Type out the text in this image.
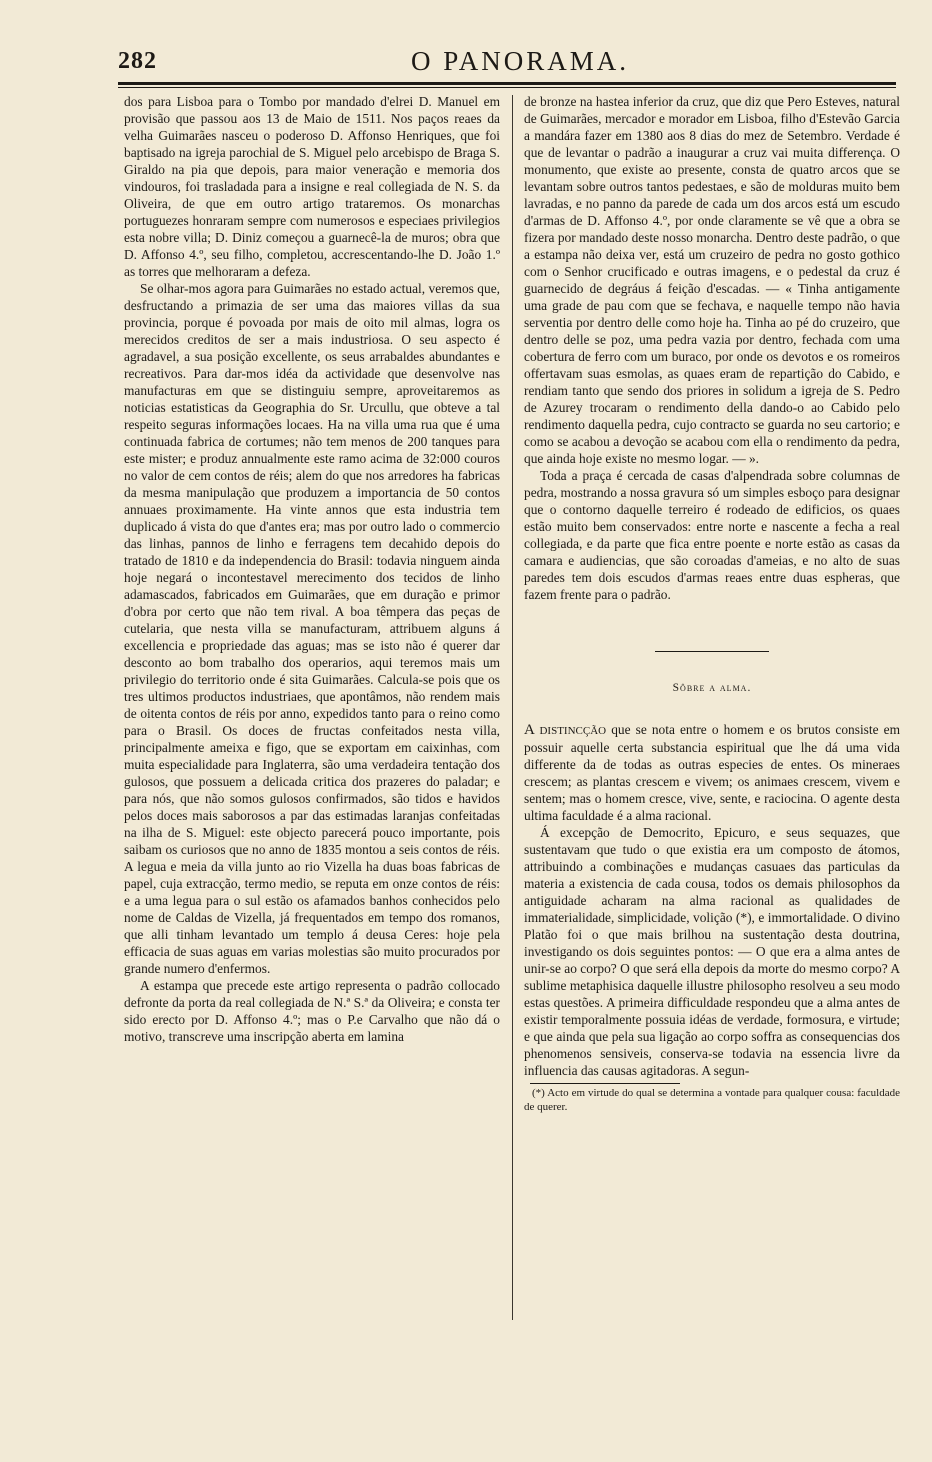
282	O PANORAMA.

dos para Lisboa para o Tombo por mandado d'elrei D. Manuel em provisão que passou aos 13 de Maio de 1511. Nos paços reaes da velha Guimarães nasceu o poderoso D. Affonso Henriques, que foi baptisado na igreja parochial de S. Miguel pelo arcebispo de Braga S. Giraldo na pia que depois, para maior veneração e memoria dos vindouros, foi trasladada para a insigne e real collegiada de N. S. da Oliveira, de que em outro artigo trataremos. Os monarchas portuguezes honraram sempre com numerosos e especiaes privilegios esta nobre villa; D. Diniz começou a guarnecê-la de muros; obra que D. Affonso 4.º, seu filho, completou, accrescentando-lhe D. João 1.º as torres que melhoraram a defeza.

Se olhar-mos agora para Guimarães no estado actual, veremos que, desfructando a primazia de ser uma das maiores villas da sua provincia, porque é povoada por mais de oito mil almas, logra os merecidos creditos de ser a mais industriosa. O seu aspecto é agradavel, a sua posição excellente, os seus arrabaldes abundantes e recreativos. Para dar-mos idéa da actividade que desenvolve nas manufacturas em que se distinguiu sempre, aproveitaremos as noticias estatisticas da Geographia do Sr. Urcullu, que obteve a tal respeito seguras informações locaes. Ha na villa uma rua que é uma continuada fabrica de cortumes; não tem menos de 200 tanques para este mister; e produz annualmente este ramo acima de 32:000 couros no valor de cem contos de réis; alem do que nos arredores ha fabricas da mesma manipulação que produzem a importancia de 50 contos annuaes proximamente. Ha vinte annos que esta industria tem duplicado á vista do que d'antes era; mas por outro lado o commercio das linhas, pannos de linho e ferragens tem decahido depois do tratado de 1810 e da independencia do Brasil: todavia ninguem ainda hoje negará o incontestavel merecimento dos tecidos de linho adamascados, fabricados em Guimarães, que em duração e primor d'obra por certo que não tem rival. A boa têmpera das peças de cutelaria, que nesta villa se manufacturam, attribuem alguns á excellencia e propriedade das aguas; mas se isto não é querer dar desconto ao bom trabalho dos operarios, aqui teremos mais um privilegio do territorio onde é sita Guimarães. Calcula-se pois que os tres ultimos productos industriaes, que apontâmos, não rendem mais de oitenta contos de réis por anno, expedidos tanto para o reino como para o Brasil. Os doces de fructas confeitados nesta villa, principalmente ameixa e figo, que se exportam em caixinhas, com muita especialidade para Inglaterra, são uma verdadeira tentação dos gulosos, que possuem a delicada critica dos prazeres do paladar; e para nós, que não somos gulosos confirmados, são tidos e havidos pelos doces mais saborosos a par das estimadas laranjas confeitadas na ilha de S. Miguel: este objecto parecerá pouco importante, pois saibam os curiosos que no anno de 1835 montou a seis contos de réis. A legua e meia da villa junto ao rio Vizella ha duas boas fabricas de papel, cuja extracção, termo medio, se reputa em onze contos de réis: e a uma legua para o sul estão os afamados banhos conhecidos pelo nome de Caldas de Vizella, já frequentados em tempo dos romanos, que alli tinham levantado um templo á deusa Ceres: hoje pela efficacia de suas aguas em varias molestias são muito procurados por grande numero d'enfermos.

A estampa que precede este artigo representa o padrão collocado defronte da porta da real collegiada de N.ª S.ª da Oliveira; e consta ter sido erecto por D. Affonso 4.º; mas o P.e Carvalho que não dá o motivo, transcreve uma inscripção aberta em lamina

de bronze na hastea inferior da cruz, que diz que Pero Esteves, natural de Guimarães, mercador e morador em Lisboa, filho d'Estevão Garcia a mandára fazer em 1380 aos 8 dias do mez de Setembro. Verdade é que de levantar o padrão a inaugurar a cruz vai muita differença. O monumento, que existe ao presente, consta de quatro arcos que se levantam sobre outros tantos pedestaes, e são de molduras muito bem lavradas, e no panno da parede de cada um dos arcos está um escudo d'armas de D. Affonso 4.º, por onde claramente se vê que a obra se fizera por mandado deste nosso monarcha. Dentro deste padrão, o que a estampa não deixa ver, está um cruzeiro de pedra no gosto gothico com o Senhor crucificado e outras imagens, e o pedestal da cruz é guarnecido de degráus á feição d'escadas. — « Tinha antigamente uma grade de pau com que se fechava, e naquelle tempo não havia serventia por dentro delle como hoje ha. Tinha ao pé do cruzeiro, que dentro delle se poz, uma pedra vazia por dentro, fechada com uma cobertura de ferro com um buraco, por onde os devotos e os romeiros offertavam suas esmolas, as quaes eram de repartição do Cabido, e rendiam tanto que sendo dos priores in solidum a igreja de S. Pedro de Azurey trocaram o rendimento della dando-o ao Cabido pelo rendimento daquella pedra, cujo contracto se guarda no seu cartorio; e como se acabou a devoção se acabou com ella o rendimento da pedra, que ainda hoje existe no mesmo logar. — ».

Toda a praça é cercada de casas d'alpendrada sobre columnas de pedra, mostrando a nossa gravura só um simples esboço para designar que o contorno daquelle terreiro é rodeado de edificios, os quaes estão muito bem conservados: entre norte e nascente a fecha a real collegiada, e da parte que fica entre poente e norte estão as casas da camara e audiencias, que são coroadas d'ameias, e no alto de suas paredes tem dois escudos d'armas reaes entre duas espheras, que fazem frente para o padrão.

Sôbre a alma.

A distincção que se nota entre o homem e os brutos consiste em possuir aquelle certa substancia espiritual que lhe dá uma vida differente da de todas as outras especies de entes. Os mineraes crescem; as plantas crescem e vivem; os animaes crescem, vivem e sentem; mas o homem cresce, vive, sente, e raciocina. O agente desta ultima faculdade é a alma racional.

Á excepção de Democrito, Epicuro, e seus sequazes, que sustentavam que tudo o que existia era um composto de átomos, attribuindo a combinações e mudanças casuaes das particulas da materia a existencia de cada cousa, todos os demais philosophos da antiguidade acharam na alma racional as qualidades de immaterialidade, simplicidade, volição (*), e immortalidade. O divino Platão foi o que mais brilhou na sustentação desta doutrina, investigando os dois seguintes pontos: — O que era a alma antes de unir-se ao corpo? O que será ella depois da morte do mesmo corpo? A sublime metaphisica daquelle illustre philosopho resolveu a seu modo estas questões. A primeira difficuldade respondeu que a alma antes de existir temporalmente possuia idéas de verdade, formosura, e virtude; e que ainda que pela sua ligação ao corpo soffra as consequencias dos phenomenos sensiveis, conserva-se todavia na essencia livre da influencia das causas agitadoras. A segun-

(*) Acto em virtude do qual se determina a vontade para qualquer cousa: faculdade de querer.
